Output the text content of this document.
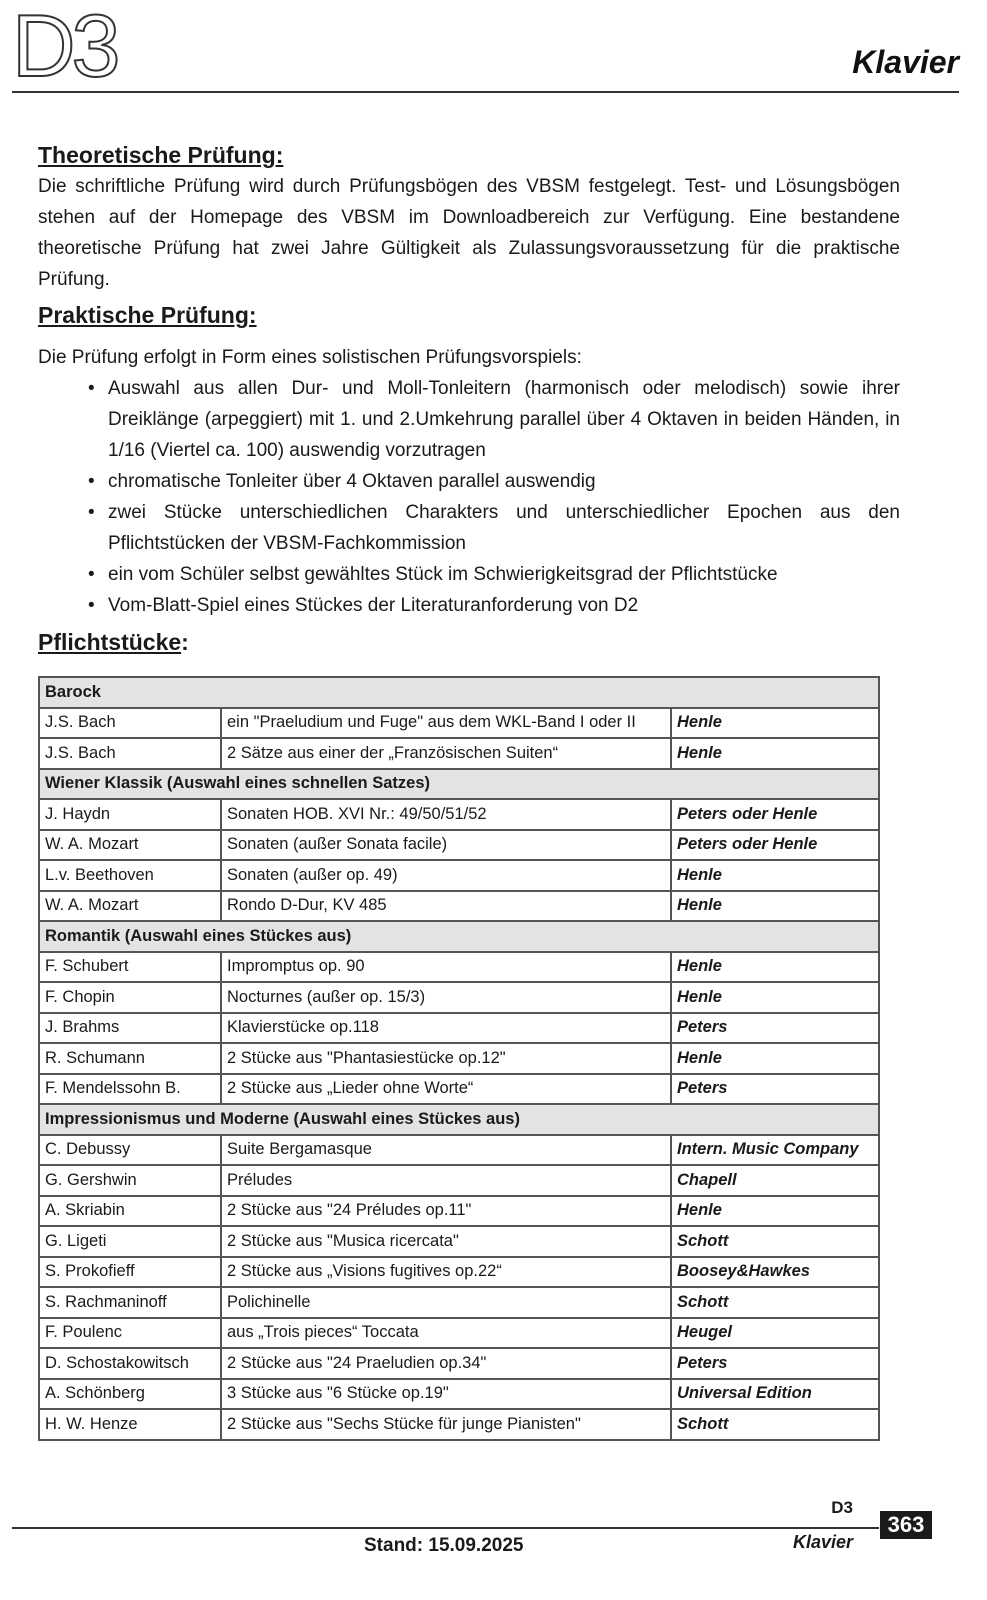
D3	Klavier
Theoretische Prüfung:

Die schriftliche Prüfung wird durch Prüfungsbögen des VBSM festgelegt. Test- und Lösungsbögen stehen auf der Homepage des VBSM im Downloadbereich zur Verfügung. Eine bestandene theoretische Prüfung hat zwei Jahre Gültigkeit als Zulassungsvoraussetzung für die praktische Prüfung.

Praktische Prüfung:

Die Prüfung erfolgt in Form eines solistischen Prüfungsvorspiels:

• Auswahl aus allen Dur- und Moll-Tonleitern (harmonisch oder melodisch) sowie ihrer Dreiklänge (arpeggiert) mit 1. und 2.Umkehrung parallel über 4 Oktaven in beiden Händen, in 1/16 (Viertel ca. 100) auswendig vorzutragen
• chromatische Tonleiter über 4 Oktaven parallel auswendig
• zwei Stücke unterschiedlichen Charakters und unterschiedlicher Epochen aus den Pflichtstücken der VBSM-Fachkommission
• ein vom Schüler selbst gewähltes Stück im Schwierigkeitsgrad der Pflichtstücke
• Vom-Blatt-Spiel eines Stückes der Literaturanforderung von D2
Pflichtstücke:
Barock		
J.S. Bach	ein "Praeludium und Fuge" aus dem WKL-Band I oder II	Henle
J.S. Bach	2 Sätze aus einer der „Französischen Suiten“	Henle
Wiener Klassik (Auswahl eines schnellen Satzes)		
J. Haydn	Sonaten HOB. XVI Nr.: 49/50/51/52	Peters oder Henle
W. A. Mozart	Sonaten (außer Sonata facile)	Peters oder Henle
L.v. Beethoven	Sonaten (außer op. 49)	Henle
W. A. Mozart	Rondo D-Dur, KV 485	Henle
Romantik (Auswahl eines Stückes aus)		
F. Schubert	Impromptus op. 90	Henle
F. Chopin	Nocturnes (außer op. 15/3)	Henle
J. Brahms	Klavierstücke op.118	Peters
R. Schumann	2 Stücke aus "Phantasiestücke op.12"	Henle
F. Mendelssohn B.	2 Stücke aus „Lieder ohne Worte“	Peters
Impressionismus und Moderne (Auswahl eines Stückes aus)		
C. Debussy	Suite Bergamasque	Intern. Music Company
G. Gershwin	Préludes	Chapell
A. Skriabin	2 Stücke aus "24 Préludes op.11"	Henle
G. Ligeti	2 Stücke aus "Musica ricercata"	Schott
S. Prokofieff	2 Stücke aus „Visions fugitives op.22“	Boosey&Hawkes
S. Rachmaninoff	Polichinelle	Schott
F. Poulenc	aus „Trois pieces“ Toccata	Heugel
D. Schostakowitsch	2 Stücke aus "24 Praeludien op.34"	Peters
A. Schönberg	3 Stücke aus "6 Stücke op.19"	Universal Edition
H. W. Henze	2 Stücke aus "Sechs Stücke für junge Pianisten"	Schott
D3
Stand: 15.09.2025	Klavier
363
